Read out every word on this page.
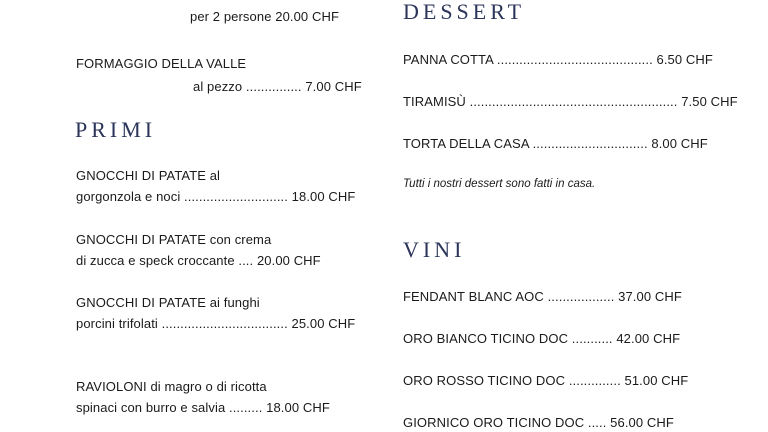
per 2 persone 20.00 CHF
FORMAGGIO DELLA VALLE
al pezzo ............... 7.00 CHF
PRIMI
GNOCCHI DI PATATE al
gorgonzola e noci ............................ 18.00 CHF
GNOCCHI DI PATATE con crema
di zucca e speck croccante .... 20.00 CHF
GNOCCHI DI PATATE ai funghi
porcini trifolati .................................. 25.00 CHF
RAVIOLONI di magro o di ricotta
spinaci con burro e salvia ......... 18.00 CHF
DESSERT
PANNA COTTA .......................................... 6.50 CHF
TIRAMISÙ ........................................................ 7.50 CHF
TORTA DELLA CASA ............................... 8.00 CHF
Tutti i nostri dessert sono fatti in casa.
VINI
FENDANT BLANC AOC .................. 37.00 CHF
ORO BIANCO TICINO DOC ........... 42.00 CHF
ORO ROSSO TICINO DOC .............. 51.00 CHF
GIORNICO ORO TICINO DOC ..... 56.00 CHF
